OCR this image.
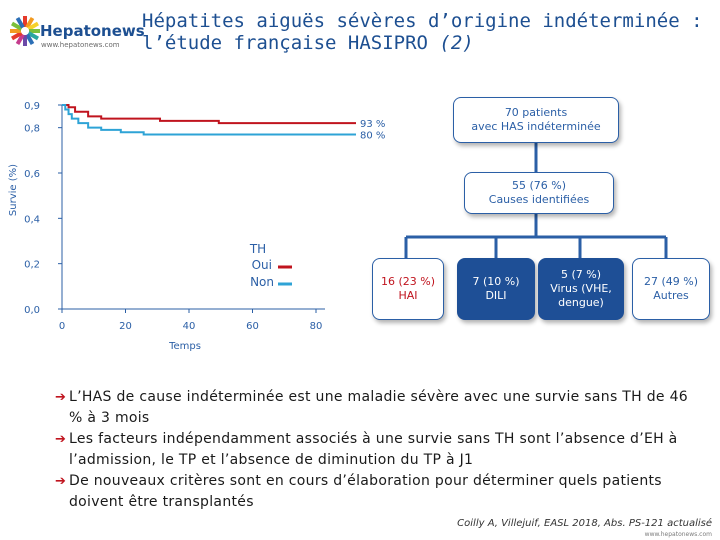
Hepatonews
www.hepatonews.com
Hépatites aiguës sévères d’origine indéterminée :
l’étude française HASIPRO (2)
Survie (%)
Temps
0,0
0,2
0,4
0,6
0,8
0,9
0	20	40	60	80
93 %
80 %
TH
Oui
Non
70 patients
avec HAS indéterminée
55 (76 %)
Causes identifiées
16 (23 %)
HAI
7 (10 %)
DILI
5 (7 %)
Virus (VHE,
dengue)
27 (49 %)
Autres
➔ L’HAS de cause indéterminée est une maladie sévère avec une survie sans TH de 46 % à 3 mois
➔ Les facteurs indépendamment associés à une survie sans TH sont l’absence d’EH à l’admission, le TP et l’absence de diminution du TP à J1
➔ De nouveaux critères sont en cours d’élaboration pour déterminer quels patients doivent être transplantés
Coilly A, Villejuif, EASL 2018, Abs. PS-121 actualisé
www.hepatonews.com
